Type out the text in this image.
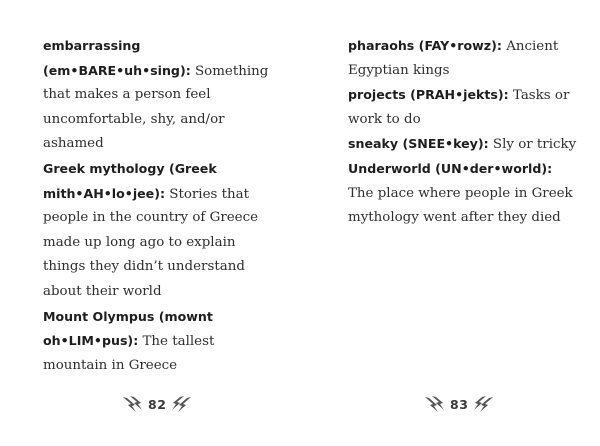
embarrassing
(em•BARE•uh•sing): Something
that makes a person feel
uncomfortable, shy, and/or
ashamed
Greek mythology (Greek
mith•AH•lo•jee): Stories that
people in the country of Greece
made up long ago to explain
things they didn’t understand
about their world
Mount Olympus (mownt
oh•LIM•pus): The tallest
mountain in Greece
82
pharaohs (FAY•rowz): Ancient
Egyptian kings
projects (PRAH•jekts): Tasks or
work to do
sneaky (SNEE•key): Sly or tricky
Underworld (UN•der•world):
The place where people in Greek
mythology went after they died
83
